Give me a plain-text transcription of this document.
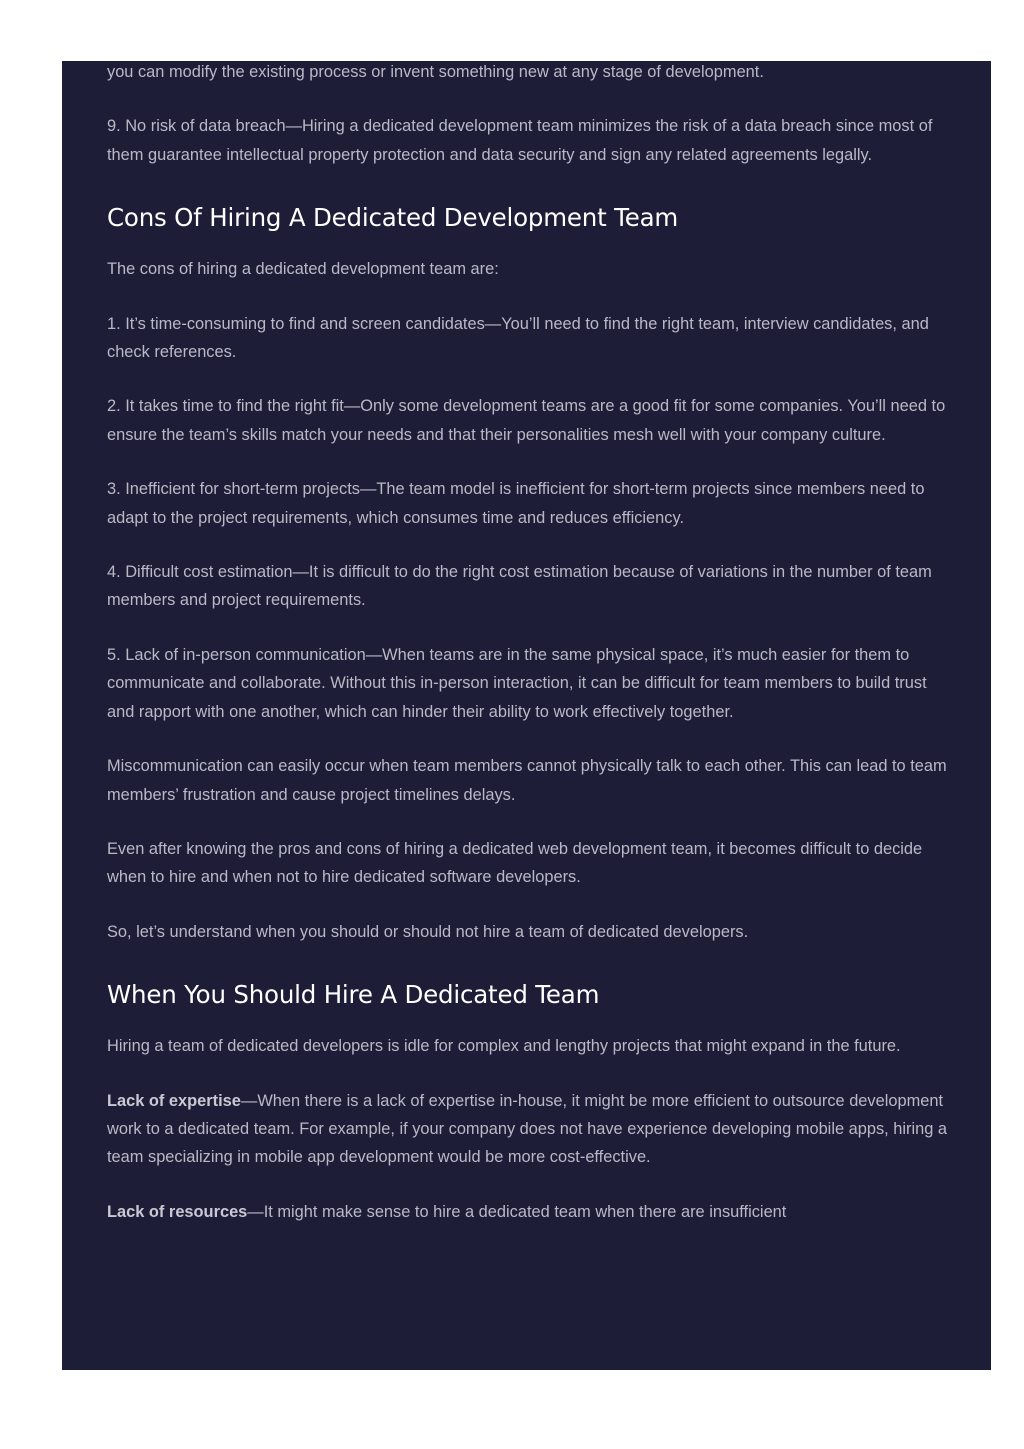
you can modify the existing process or invent something new at any stage of development.

9. No risk of data breach—Hiring a dedicated development team minimizes the risk of a data breach since most of them guarantee intellectual property protection and data security and sign any related agreements legally.

Cons Of Hiring A Dedicated Development Team

The cons of hiring a dedicated development team are:

1. It’s time-consuming to find and screen candidates—You’ll need to find the right team, interview candidates, and check references.

2. It takes time to find the right fit—Only some development teams are a good fit for some companies. You’ll need to ensure the team’s skills match your needs and that their personalities mesh well with your company culture.

3. Inefficient for short-term projects—The team model is inefficient for short-term projects since members need to adapt to the project requirements, which consumes time and reduces efficiency.

4. Difficult cost estimation—It is difficult to do the right cost estimation because of variations in the number of team members and project requirements.

5. Lack of in-person communication—When teams are in the same physical space, it’s much easier for them to communicate and collaborate. Without this in-person interaction, it can be difficult for team members to build trust and rapport with one another, which can hinder their ability to work effectively together.

Miscommunication can easily occur when team members cannot physically talk to each other. This can lead to team members’ frustration and cause project timelines delays.

Even after knowing the pros and cons of hiring a dedicated web development team, it becomes difficult to decide when to hire and when not to hire dedicated software developers.

So, let’s understand when you should or should not hire a team of dedicated developers.

When You Should Hire A Dedicated Team

Hiring a team of dedicated developers is idle for complex and lengthy projects that might expand in the future.

Lack of expertise—When there is a lack of expertise in-house, it might be more efficient to outsource development work to a dedicated team. For example, if your company does not have experience developing mobile apps, hiring a team specializing in mobile app development would be more cost-effective.

Lack of resources—It might make sense to hire a dedicated team when there are insufficient
